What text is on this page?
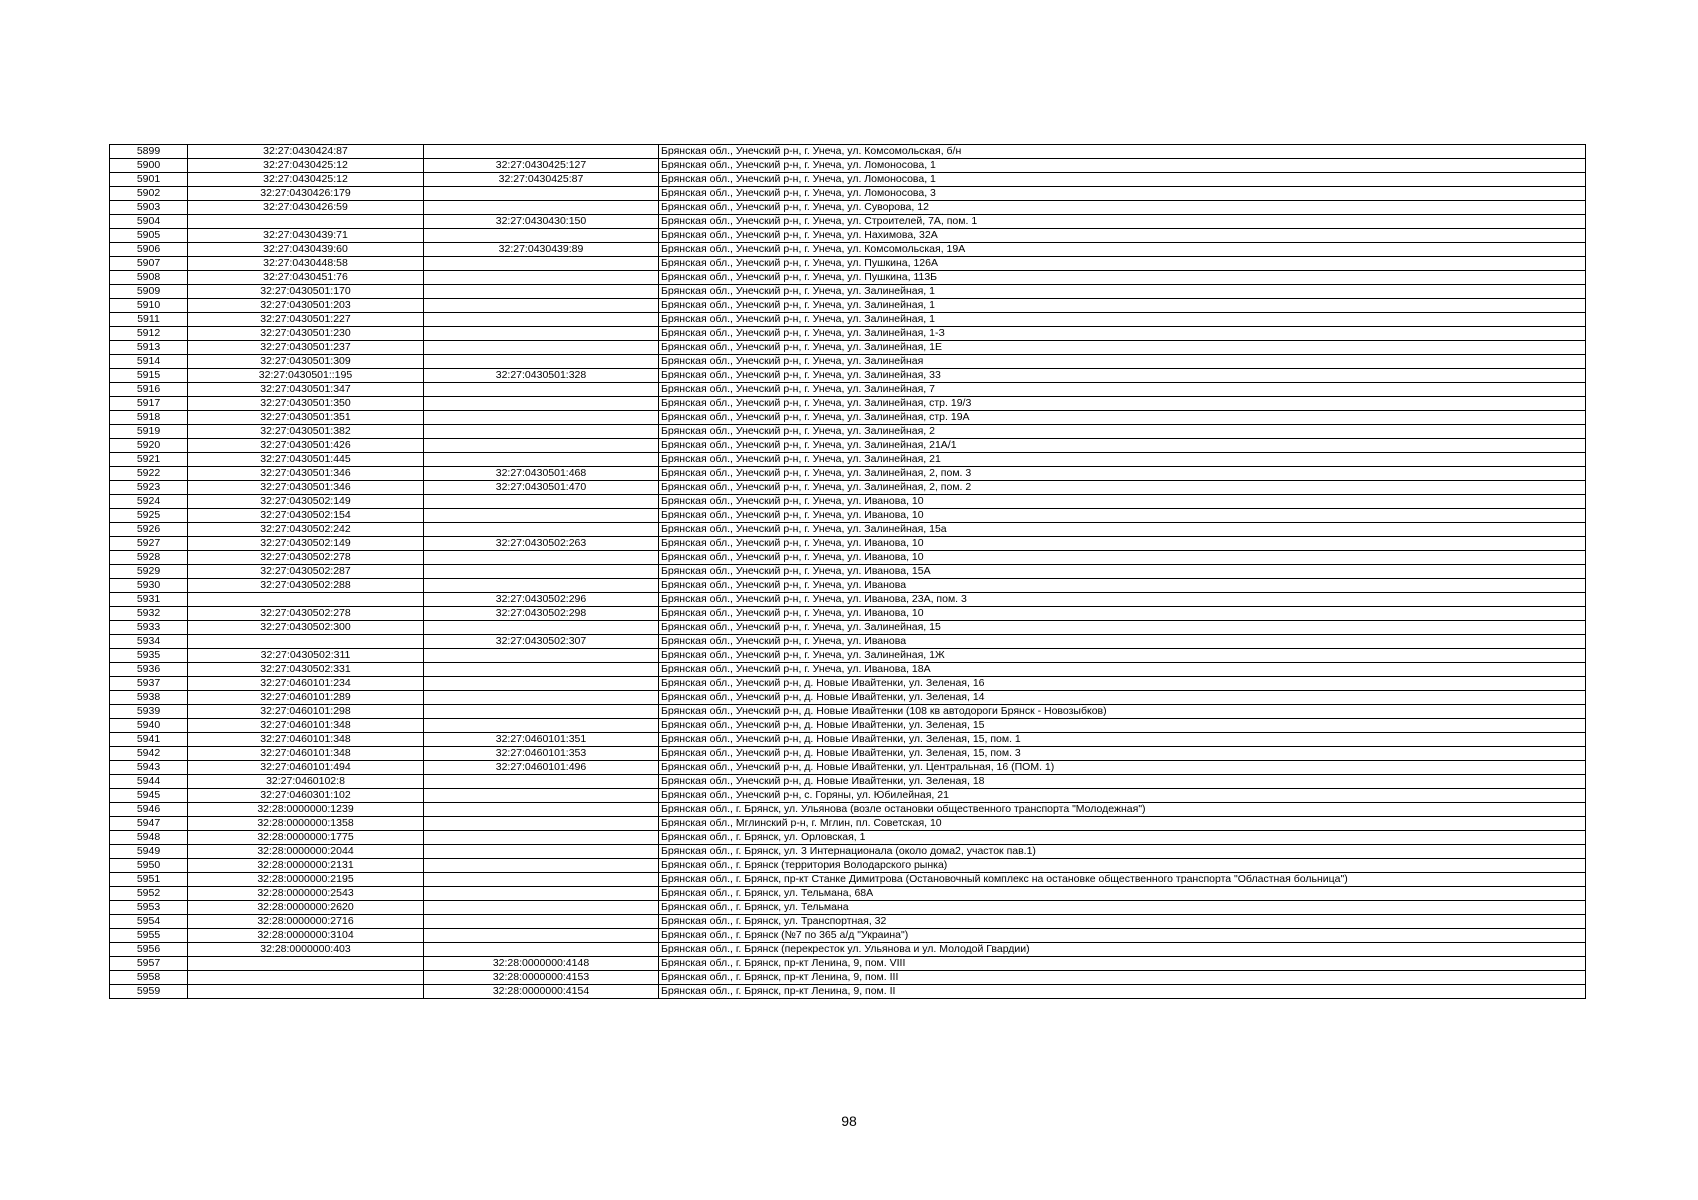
5899	32:27:0430424:87		Брянская обл., Унечский р-н, г. Унеча, ул. Комсомольская, б/н
5900	32:27:0430425:12	32:27:0430425:127	Брянская обл., Унечский р-н, г. Унеча, ул. Ломоносова, 1
5901	32:27:0430425:12	32:27:0430425:87	Брянская обл., Унечский р-н, г. Унеча, ул. Ломоносова, 1
5902	32:27:0430426:179		Брянская обл., Унечский р-н, г. Унеча, ул. Ломоносова, 3
5903	32:27:0430426:59		Брянская обл., Унечский р-н, г. Унеча, ул. Суворова, 12
5904		32:27:0430430:150	Брянская обл., Унечский р-н, г. Унеча, ул. Строителей, 7А, пом. 1
5905	32:27:0430439:71		Брянская обл., Унечский р-н, г. Унеча, ул. Нахимова, 32А
5906	32:27:0430439:60	32:27:0430439:89	Брянская обл., Унечский р-н, г. Унеча, ул. Комсомольская, 19А
5907	32:27:0430448:58		Брянская обл., Унечский р-н, г. Унеча, ул. Пушкина, 126А
5908	32:27:0430451:76		Брянская обл., Унечский р-н, г. Унеча, ул. Пушкина, 113Б
5909	32:27:0430501:170		Брянская обл., Унечский р-н, г. Унеча, ул. Залинейная, 1
5910	32:27:0430501:203		Брянская обл., Унечский р-н, г. Унеча, ул. Залинейная, 1
5911	32:27:0430501:227		Брянская обл., Унечский р-н, г. Унеча, ул. Залинейная, 1
5912	32:27:0430501:230		Брянская обл., Унечский р-н, г. Унеча, ул. Залинейная, 1-З
5913	32:27:0430501:237		Брянская обл., Унечский р-н, г. Унеча, ул. Залинейная, 1Е
5914	32:27:0430501:309		Брянская обл., Унечский р-н, г. Унеча, ул. Залинейная
5915	32:27:0430501::195	32:27:0430501:328	Брянская обл., Унечский р-н, г. Унеча, ул. Залинейная, 33
5916	32:27:0430501:347		Брянская обл., Унечский р-н, г. Унеча, ул. Залинейная, 7
5917	32:27:0430501:350		Брянская обл., Унечский р-н, г. Унеча, ул. Залинейная, стр. 19/3
5918	32:27:0430501:351		Брянская обл., Унечский р-н, г. Унеча, ул. Залинейная, стр. 19А
5919	32:27:0430501:382		Брянская обл., Унечский р-н, г. Унеча, ул. Залинейная, 2
5920	32:27:0430501:426		Брянская обл., Унечский р-н, г. Унеча, ул. Залинейная, 21А/1
5921	32:27:0430501:445		Брянская обл., Унечский р-н, г. Унеча, ул. Залинейная, 21
5922	32:27:0430501:346	32:27:0430501:468	Брянская обл., Унечский р-н, г. Унеча, ул. Залинейная, 2, пом. 3
5923	32:27:0430501:346	32:27:0430501:470	Брянская обл., Унечский р-н, г. Унеча, ул. Залинейная, 2, пом. 2
5924	32:27:0430502:149		Брянская обл., Унечский р-н, г. Унеча, ул. Иванова, 10
5925	32:27:0430502:154		Брянская обл., Унечский р-н, г. Унеча, ул. Иванова, 10
5926	32:27:0430502:242		Брянская обл., Унечский р-н, г. Унеча, ул. Залинейная, 15а
5927	32:27:0430502:149	32:27:0430502:263	Брянская обл., Унечский р-н, г. Унеча, ул. Иванова, 10
5928	32:27:0430502:278		Брянская обл., Унечский р-н, г. Унеча, ул. Иванова, 10
5929	32:27:0430502:287		Брянская обл., Унечский р-н, г. Унеча, ул. Иванова, 15А
5930	32:27:0430502:288		Брянская обл., Унечский р-н, г. Унеча, ул. Иванова
5931		32:27:0430502:296	Брянская обл., Унечский р-н, г. Унеча, ул. Иванова, 23А, пом. 3
5932	32:27:0430502:278	32:27:0430502:298	Брянская обл., Унечский р-н, г. Унеча, ул. Иванова, 10
5933	32:27:0430502:300		Брянская обл., Унечский р-н, г. Унеча, ул. Залинейная, 15
5934		32:27:0430502:307	Брянская обл., Унечский р-н, г. Унеча, ул. Иванова
5935	32:27:0430502:311		Брянская обл., Унечский р-н, г. Унеча, ул. Залинейная, 1Ж
5936	32:27:0430502:331		Брянская обл., Унечский р-н, г. Унеча, ул. Иванова, 18А
5937	32:27:0460101:234		Брянская обл., Унечский р-н, д. Новые Ивайтенки, ул. Зеленая, 16
5938	32:27:0460101:289		Брянская обл., Унечский р-н, д. Новые Ивайтенки, ул. Зеленая, 14
5939	32:27:0460101:298		Брянская обл., Унечский р-н, д. Новые Ивайтенки (108 кв автодороги Брянск - Новозыбков)
5940	32:27:0460101:348		Брянская обл., Унечский р-н, д. Новые Ивайтенки, ул. Зеленая, 15
5941	32:27:0460101:348	32:27:0460101:351	Брянская обл., Унечский р-н, д. Новые Ивайтенки, ул. Зеленая, 15, пом. 1
5942	32:27:0460101:348	32:27:0460101:353	Брянская обл., Унечский р-н, д. Новые Ивайтенки, ул. Зеленая, 15, пом. 3
5943	32:27:0460101:494	32:27:0460101:496	Брянская обл., Унечский р-н, д. Новые Ивайтенки, ул. Центральная, 16 (ПОМ. 1)
5944	32:27:0460102:8		Брянская обл., Унечский р-н, д. Новые Ивайтенки, ул. Зеленая, 18
5945	32:27:0460301:102		Брянская обл., Унечский р-н, с. Горяны, ул. Юбилейная, 21
5946	32:28:0000000:1239		Брянская обл., г. Брянск, ул. Ульянова (возле остановки общественного транспорта "Молодежная")
5947	32:28:0000000:1358		Брянская обл., Мглинский р-н, г. Мглин, пл. Советская, 10
5948	32:28:0000000:1775		Брянская обл., г. Брянск, ул. Орловская, 1
5949	32:28:0000000:2044		Брянская обл., г. Брянск, ул. 3 Интернационала (около дома2, участок пав.1)
5950	32:28:0000000:2131		Брянская обл., г. Брянск (территория Володарского рынка)
5951	32:28:0000000:2195		Брянская обл., г. Брянск, пр-кт Станке Димитрова (Остановочный комплекс на остановке общественного транспорта "Областная больница")
5952	32:28:0000000:2543		Брянская обл., г. Брянск, ул. Тельмана, 68А
5953	32:28:0000000:2620		Брянская обл., г. Брянск, ул. Тельмана
5954	32:28:0000000:2716		Брянская обл., г. Брянск, ул. Транспортная, 32
5955	32:28:0000000:3104		Брянская обл., г. Брянск (№7 по 365 а/д "Украина")
5956	32:28:0000000:403		Брянская обл., г. Брянск (перекресток ул. Ульянова и ул. Молодой Гвардии)
5957		32:28:0000000:4148	Брянская обл., г. Брянск, пр-кт Ленина, 9, пом. VIII
5958		32:28:0000000:4153	Брянская обл., г. Брянск, пр-кт Ленина, 9, пом. III
5959		32:28:0000000:4154	Брянская обл., г. Брянск, пр-кт Ленина, 9, пом. II
98
